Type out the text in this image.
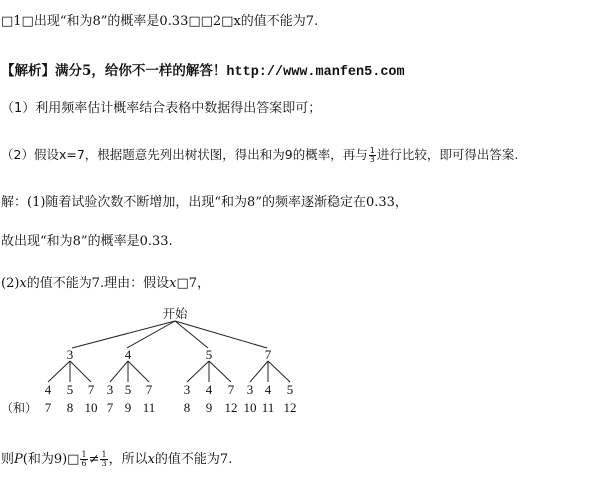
□1□出现“和为8”的概率是0.33□□2□x的值不能为7.
【解析】满分5，给你不一样的解答！http://www.manfen5.com
（1）利用频率估计概率结合表格中数据得出答案即可；
（2）假设x=7，根据题意先列出树状图，得出和为9的概率，再与 $\frac{1}{3}$ 进行比较，即可得出答案.
解：(1)随着试验次数不断增加，出现“和为8”的频率逐渐稳定在0.33，
故出现“和为8”的概率是0.33.
(2)x的值不能为7.理由：假设x□7，
开始
3	4	5	7
4 5 7 3 5 7 3 4 7 3 4 5
（和） 7 8 10 7 9 11 8 9 12 10 11 12
则P(和为9)□ $\frac{1}{6} \ne \frac{1}{3}$ ，所以x的值不能为7.
